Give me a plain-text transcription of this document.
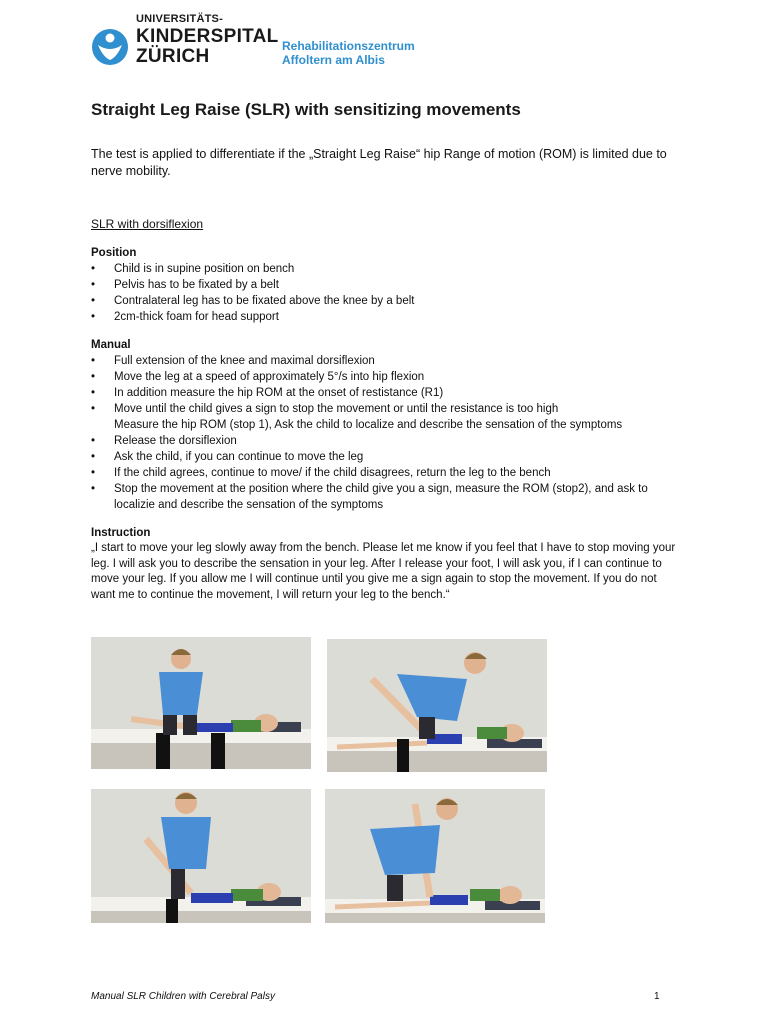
UNIVERSITÄTS-
KINDERSPITAL
ZÜRICH	Rehabilitationszentrum
Affoltern am Albis
Straight Leg Raise (SLR) with sensitizing movements

The test is applied to differentiate if the „Straight Leg Raise“ hip Range of motion (ROM) is limited due to nerve mobility.

SLR with dorsiflexion

Position

• Child is in supine position on bench
• Pelvis has to be fixated by a belt
• Contralateral leg has to be fixated above the knee by a belt
• 2cm-thick foam for head support

Manual

• Full extension of the knee and maximal dorsiflexion
• Move the leg at a speed of approximately 5°/s into hip flexion
• In addition measure the hip ROM at the onset of restistance (R1)
• Move until the child gives a sign to stop the movement or until the resistance is too high
Measure the hip ROM (stop 1), Ask the child to localize and describe the sensation of the symptoms
• Release the dorsiflexion
• Ask the child, if you can continue to move the leg
• If the child agrees, continue to move/ if the child disagrees, return the leg to the bench
• Stop the movement at the position where the child give you a sign, measure the ROM (stop2), and ask to localizie and describe the sensation of the symptoms

Instruction

„I start to move your leg slowly away from the bench. Please let me know if you feel that I have to stop moving your leg. I will ask you to describe the sensation in your leg. After I release your foot, I will ask you, if I can continue to move your leg. If you allow me I will continue until you give me a sign again to stop the movement. If you do not want me to continue the movement, I will return your leg to the bench.“

Manual SLR Children with Cerebral Palsy	1
